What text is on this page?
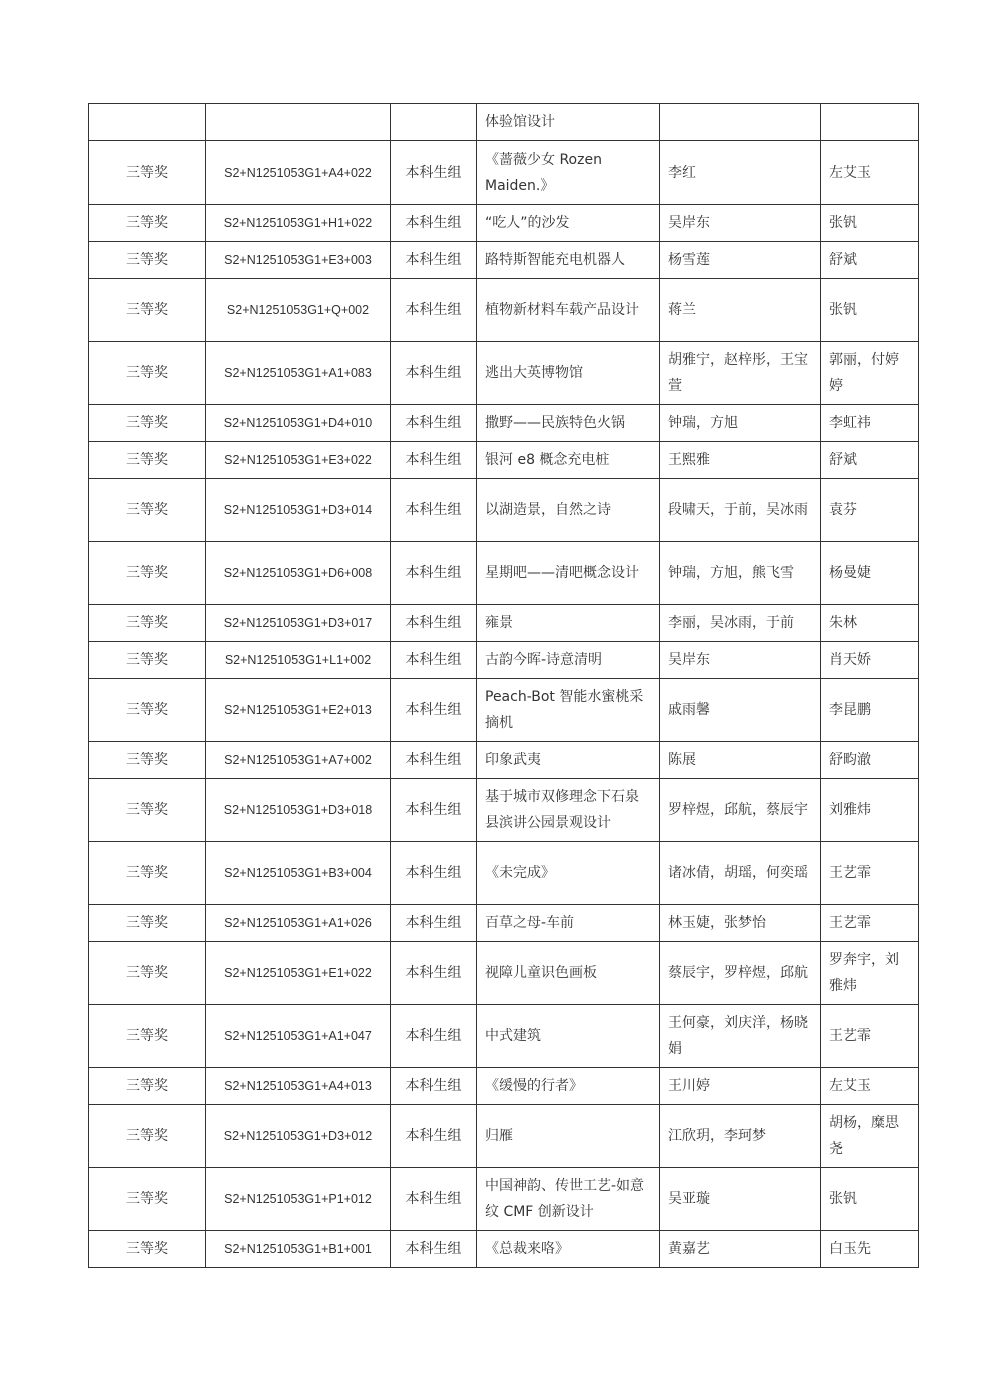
			体验馆设计		
三等奖	S2+N1251053G1+A4+022	本科生组	《蔷薇少女 Rozen Maiden.》	李红	左艾玉
三等奖	S2+N1251053G1+H1+022	本科生组	“吃人”的沙发	吴岸东	张钒
三等奖	S2+N1251053G1+E3+003	本科生组	路特斯智能充电机器人	杨雪莲	舒斌
三等奖	S2+N1251053G1+Q+002	本科生组	植物新材料车载产品设计	蒋兰	张钒
三等奖	S2+N1251053G1+A1+083	本科生组	逃出大英博物馆	胡雅宁，赵梓彤，王宝萱	郭丽，付婷婷
三等奖	S2+N1251053G1+D4+010	本科生组	撒野——民族特色火锅	钟瑞，方旭	李虹祎
三等奖	S2+N1251053G1+E3+022	本科生组	银河 e8 概念充电桩	王熙雅	舒斌
三等奖	S2+N1251053G1+D3+014	本科生组	以湖造景，自然之诗	段啸天，于前，吴冰雨	袁芬
三等奖	S2+N1251053G1+D6+008	本科生组	星期吧——清吧概念设计	钟瑞，方旭，熊飞雪	杨曼婕
三等奖	S2+N1251053G1+D3+017	本科生组	雍景	李丽，吴冰雨，于前	朱林
三等奖	S2+N1251053G1+L1+002	本科生组	古韵今晖-诗意清明	吴岸东	肖天娇
三等奖	S2+N1251053G1+E2+013	本科生组	Peach-Bot 智能水蜜桃采摘机	戚雨馨	李昆鹏
三等奖	S2+N1251053G1+A7+002	本科生组	印象武夷	陈展	舒畇澈
三等奖	S2+N1251053G1+D3+018	本科生组	基于城市双修理念下石泉县滨讲公园景观设计	罗梓煜，邱航，蔡辰宇	刘雅炜
三等奖	S2+N1251053G1+B3+004	本科生组	《未完成》	诸冰倩，胡瑶，何奕瑶	王艺霏
三等奖	S2+N1251053G1+A1+026	本科生组	百草之母-车前	林玉婕，张梦怡	王艺霏
三等奖	S2+N1251053G1+E1+022	本科生组	视障儿童识色画板	蔡辰宇，罗梓煜，邱航	罗奔宇，刘雅炜
三等奖	S2+N1251053G1+A1+047	本科生组	中式建筑	王何豪，刘庆洋，杨晓娟	王艺霏
三等奖	S2+N1251053G1+A4+013	本科生组	《缓慢的行者》	王川婷	左艾玉
三等奖	S2+N1251053G1+D3+012	本科生组	归雁	江欣玥，李珂梦	胡杨，糜思尧
三等奖	S2+N1251053G1+P1+012	本科生组	中国神韵、传世工艺-如意纹 CMF 创新设计	吴亚璇	张钒
三等奖	S2+N1251053G1+B1+001	本科生组	《总裁来咯》	黄嘉艺	白玉先
